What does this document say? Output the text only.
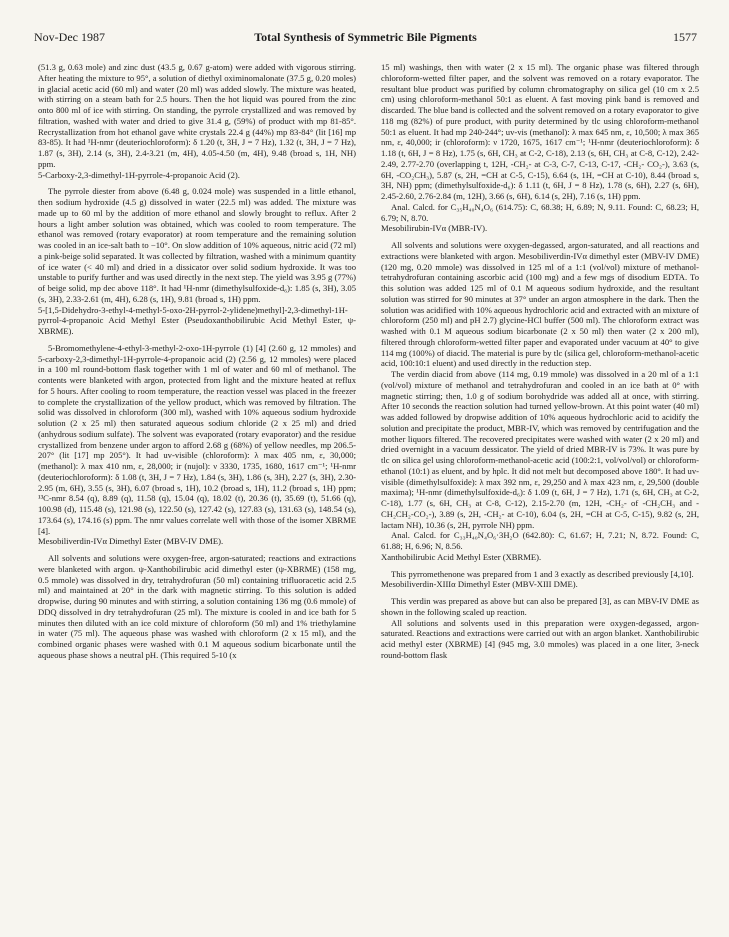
Nov-Dec 1987	Total Synthesis of Symmetric Bile Pigments	1577
(51.3 g, 0.63 mole) and zinc dust (43.5 g, 0.67 g-atom) were added with vigorous stirring. After heating the mixture to 95°, a solution of diethyl oximinomalonate (37.5 g, 0.20 moles) in glacial acetic acid (60 ml) and water (20 ml) was added slowly. The mixture was heated, with stirring on a steam bath for 2.5 hours. Then the hot liquid was poured from the zinc onto 800 ml of ice with stirring. On standing, the pyrrole crystallized and was removed by filtration, washed with water and dried to give 31.4 g, (59%) of product with mp 81-85°. Recrystallization from hot ethanol gave white crystals 22.4 g (44%) mp 83-84° (lit [16] mp 83-85). It had ¹H-nmr (deuteriochloroform): δ 1.20 (t, 3H, J = 7 Hz), 1.32 (t, 3H, J = 7 Hz), 1.87 (s, 3H), 2.14 (s, 3H), 2.4-3.21 (m, 4H), 4.05-4.50 (m, 4H), 9.48 (broad s, 1H, NH) ppm.
5-Carboxy-2,3-dimethyl-1H-pyrrole-4-propanoic Acid (2).
The pyrrole diester from above (6.48 g, 0.024 mole) was suspended in a little ethanol, then sodium hydroxide (4.5 g) dissolved in water (22.5 ml) was added. The mixture was made up to 60 ml by the addition of more ethanol and slowly brought to reflux. After 2 hours a light amber solution was obtained, which was cooled to room temperature. The ethanol was removed (rotary evaporator) at room temperature and the remaining solution was cooled in an ice-salt bath to −10°. On slow addition of 10% aqueous, nitric acid (72 ml) a pink-beige solid separated. It was collected by filtration, washed with a minimum quantity of ice water (< 40 ml) and dried in a dissicator over solid sodium hydroxide. It was too unstable to purify further and was used directly in the next step. The yield was 3.95 g (77%) of beige solid, mp dec above 118°. It had ¹H-nmr (dimethylsulfoxide-d₆): 1.85 (s, 3H), 3.05 (s, 3H), 2.33-2.61 (m, 4H), 6.28 (s, 1H), 9.81 (broad s, 1H) ppm.
5-[1,5-Didehydro-3-ethyl-4-methyl-5-oxo-2H-pyrrol-2-ylidene)methyl]-2,3-dimethyl-1H-pyrrol-4-propanoic Acid Methyl Ester (Pseudoxanthobilirubic Acid Methyl Ester, ψ-XBRME).
5-Bromomethylene-4-ethyl-3-methyl-2-oxo-1H-pyrrole (1) [4] (2.60 g, 12 mmoles) and 5-carboxy-2,3-dimethyl-1H-pyrrole-4-propanoic acid (2) (2.56 g, 12 mmoles) were placed in a 100 ml round-bottom flask together with 1 ml of water and 60 ml of methanol. The contents were blanketed with argon, protected from light and the mixture heated at reflux for 5 hours. After cooling to room temperature, the reaction vessel was placed in the freezer to complete the crystallization of the yellow product, which was removed by filtration. The solid was dissolved in chloroform (300 ml), washed with 10% aqueous sodium hydroxide solution (2 x 25 ml) then saturated aqueous sodium chloride (2 x 25 ml) and dried (anhydrous sodium sulfate). The solvent was evaporated (rotary evaporator) and the residue crystallized from benzene under argon to afford 2.68 g (68%) of yellow needles, mp 206.5-207° (lit [17] mp 205°). It had uv-visible (chloroform): λ max 405 nm, ε, 30,000; (methanol): λ max 410 nm, ε, 28,000; ir (nujol): ν 3330, 1735, 1680, 1617 cm⁻¹; ¹H-nmr (deuteriochloroform): δ 1.08 (t, 3H, J = 7 Hz), 1.84 (s, 3H), 1.86 (s, 3H), 2.27 (s, 3H), 2.30-2.95 (m, 6H), 3.55 (s, 3H), 6.07 (broad s, 1H), 10.2 (broad s, 1H), 11.2 (broad s, 1H) ppm; ¹³C-nmr 8.54 (q), 8.89 (q), 11.58 (q), 15.04 (q), 18.02 (t), 20.36 (t), 35.69 (t), 51.66 (q), 100.98 (d), 115.48 (s), 121.98 (s), 122.50 (s), 127.42 (s), 127.83 (s), 131.63 (s), 148.54 (s), 173.64 (s), 174.16 (s) ppm. The nmr values correlate well with those of the isomer XBRME [4].
Mesobiliverdin-IVα Dimethyl Ester (MBV-IV DME).
All solvents and solutions were oxygen-free, argon-saturated; reactions and extractions were blanketed with argon. ψ-Xanthobilirubic acid dimethyl ester (ψ-XBRME) (158 mg, 0.5 mmole) was dissolved in dry, tetrahydrofuran (50 ml) containing trifluoracetic acid 2.5 ml) and maintained at 20° in the dark with magnetic stirring. To this solution is added dropwise, during 90 minutes and with stirring, a solution containing 136 mg (0.6 mmole) of DDQ dissolved in dry tetrahydrofuran (25 ml). The mixture is cooled in and ice bath for 5 minutes then diluted with an ice cold mixture of chloroform (50 ml) and 1% triethylamine in water (75 ml). The aqueous phase was washed with chloroform (2 x 15 ml), and the combined organic phases were washed with 0.1 M aqueous sodium bicarbonate until the aqueous phase shows a neutral pH. (This required 5-10 (x
15 ml) washings, then with water (2 x 15 ml). The organic phase was filtered through chloroform-wetted filter paper, and the solvent was removed on a rotary evaporator. The resultant blue product was purified by column chromatography on silica gel (10 cm x 2.5 cm) using chloroform-methanol 50:1 as eluent. A fast moving pink band is removed and discarded. The blue band is collected and the solvent removed on a rotary evaporator to give 118 mg (82%) of pure product, with purity determined by tlc using chloroform-methanol 50:1 as eluent. It had mp 240-244°; uv-vis (methanol): λ max 645 nm, ε, 10,500; λ max 365 nm, ε, 40,000; ir (chloroform): ν 1720, 1675, 1617 cm⁻¹; ¹H-nmr (deuteriochloroform): δ 1.18 (t, 6H, J = 8 Hz), 1.75 (s, 6H, CH₃ at C-2, C-18), 2.13 (s, 6H, CH₃ at C-8, C-12), 2.42-2.49, 2.77-2.70 (overlapping t, 12H, -CH₂- at C-3, C-7, C-13, C-17, -CH₂- CO₂-), 3.63 (s, 6H, -CO₂CH₃), 5.87 (s, 2H, =CH at C-5, C-15), 6.64 (s, 1H, =CH at C-10), 8.44 (broad s, 3H, NH) ppm; (dimethylsulfoxide-d₆): δ 1.11 (t, 6H, J = 8 Hz), 1.78 (s, 6H), 2.27 (s, 6H), 2.45-2.60, 2.76-2.84 (m, 12H), 3.66 (s, 6H), 6.14 (s, 2H), 7.16 (s, 1H) ppm.
Anal. Calcd. for C₃₅H₄₀N₄O₆ (614.75): C, 68.38; H, 6.89; N, 9.11. Found: C, 68.23; H, 6.79; N, 8.70.
Mesobilirubin-IVα (MBR-IV).
All solvents and solutions were oxygen-degassed, argon-saturated, and all reactions and extractions were blanketed with argon. Mesobiliverdin-IVα dimethyl ester (MBV-IV DME) (120 mg, 0.20 mmole) was dissolved in 125 ml of a 1:1 (vol/vol) mixture of methanol-tetrahydrofuran containing ascorbic acid (100 mg) and a few mgs of disodium EDTA. To this solution was added 125 ml of 0.1 M aqueous sodium hydroxide, and the resultant solution was stirred for 90 minutes at 37° under an argon atmosphere in the dark. Then the solution was acidified with 10% aqueous hydrochloric acid and extracted with an mixture of chloroform (250 ml) and pH 2.7) glycine-HCl buffer (500 ml). The chloroform extract was washed with 0.1 M aqueous sodium bicarbonate (2 x 50 ml) then water (2 x 200 ml), filtered through chloroform-wetted filter paper and evaporated under vacuum at 40° to give 114 mg (100%) of diacid. The material is pure by tlc (silica gel, chloroform-methanol-acetic acid, 100:10:1 eluent) and used directly in the reduction step.
The verdin diacid from above (114 mg, 0.19 mmole) was dissolved in a 20 ml of a 1:1 (vol/vol) mixture of methanol and tetrahydrofuran and cooled in an ice bath at 0° with magnetic stirring; then, 1.0 g of sodium borohydride was added all at once, with stirring. After 10 seconds the reaction solution had turned yellow-brown. At this point water (40 ml) was added followed by dropwise addition of 10% aqueous hydrochloric acid to acidify the solution and precipitate the product, MBR-IV, which was removed by centrifugation and the mother liquors filtered. The recovered precipitates were washed with water (2 x 20 ml) and dried overnight in a vacuum dessicator. The yield of dried MBR-IV is 73%. It was pure by tlc on silica gel using chloroform-methanol-acetic acid (100:2:1, vol/vol/vol) or chloroform-ethanol (10:1) as eluent, and by hplc. It did not melt but decomposed above 180°. It had uv-visible (dimethylsulfoxide): λ max 392 nm, ε, 29,250 and λ max 423 nm, ε, 29,500 (double maxima); ¹H-nmr (dimethylsulfoxide-d₆): δ 1.09 (t, 6H, J = 7 Hz), 1.71 (s, 6H, CH₃ at C-2, C-18), 1.77 (s, 6H, CH₃ at C-8, C-12), 2.15-2.70 (m, 12H, -CH₂- of -CH₂CH₃ and -CH₂CH₂-CO₂-), 3.89 (s, 2H, -CH₂- at C-10), 6.04 (s, 2H, =CH at C-5, C-15), 9.82 (s, 2H, lactam NH), 10.36 (s, 2H, pyrrole NH) ppm.
Anal. Calcd. for C₃₃H₄₀N₄O₆·3H₂O (642.80): C, 61.67; H, 7.21; N, 8.72. Found: C, 61.88; H, 6.96; N, 8.56.
Xanthobilirubic Acid Methyl Ester (XBRME).
This pyrromethenone was prepared from 1 and 3 exactly as described previously [4,10].
Mesobiliverdin-XIIIα Dimethyl Ester (MBV-XIII DME).
This verdin was prepared as above but can also be prepared [3], as can MBV-IV DME as shown in the following scaled up reaction.
All solutions and solvents used in this preparation were oxygen-degassed, argon-saturated. Reactions and extractions were carried out with an argon blanket. Xanthobilirubic acid methyl ester (XBRME) [4] (945 mg, 3.0 mmoles) was placed in a one liter, 3-neck round-bottom flask
